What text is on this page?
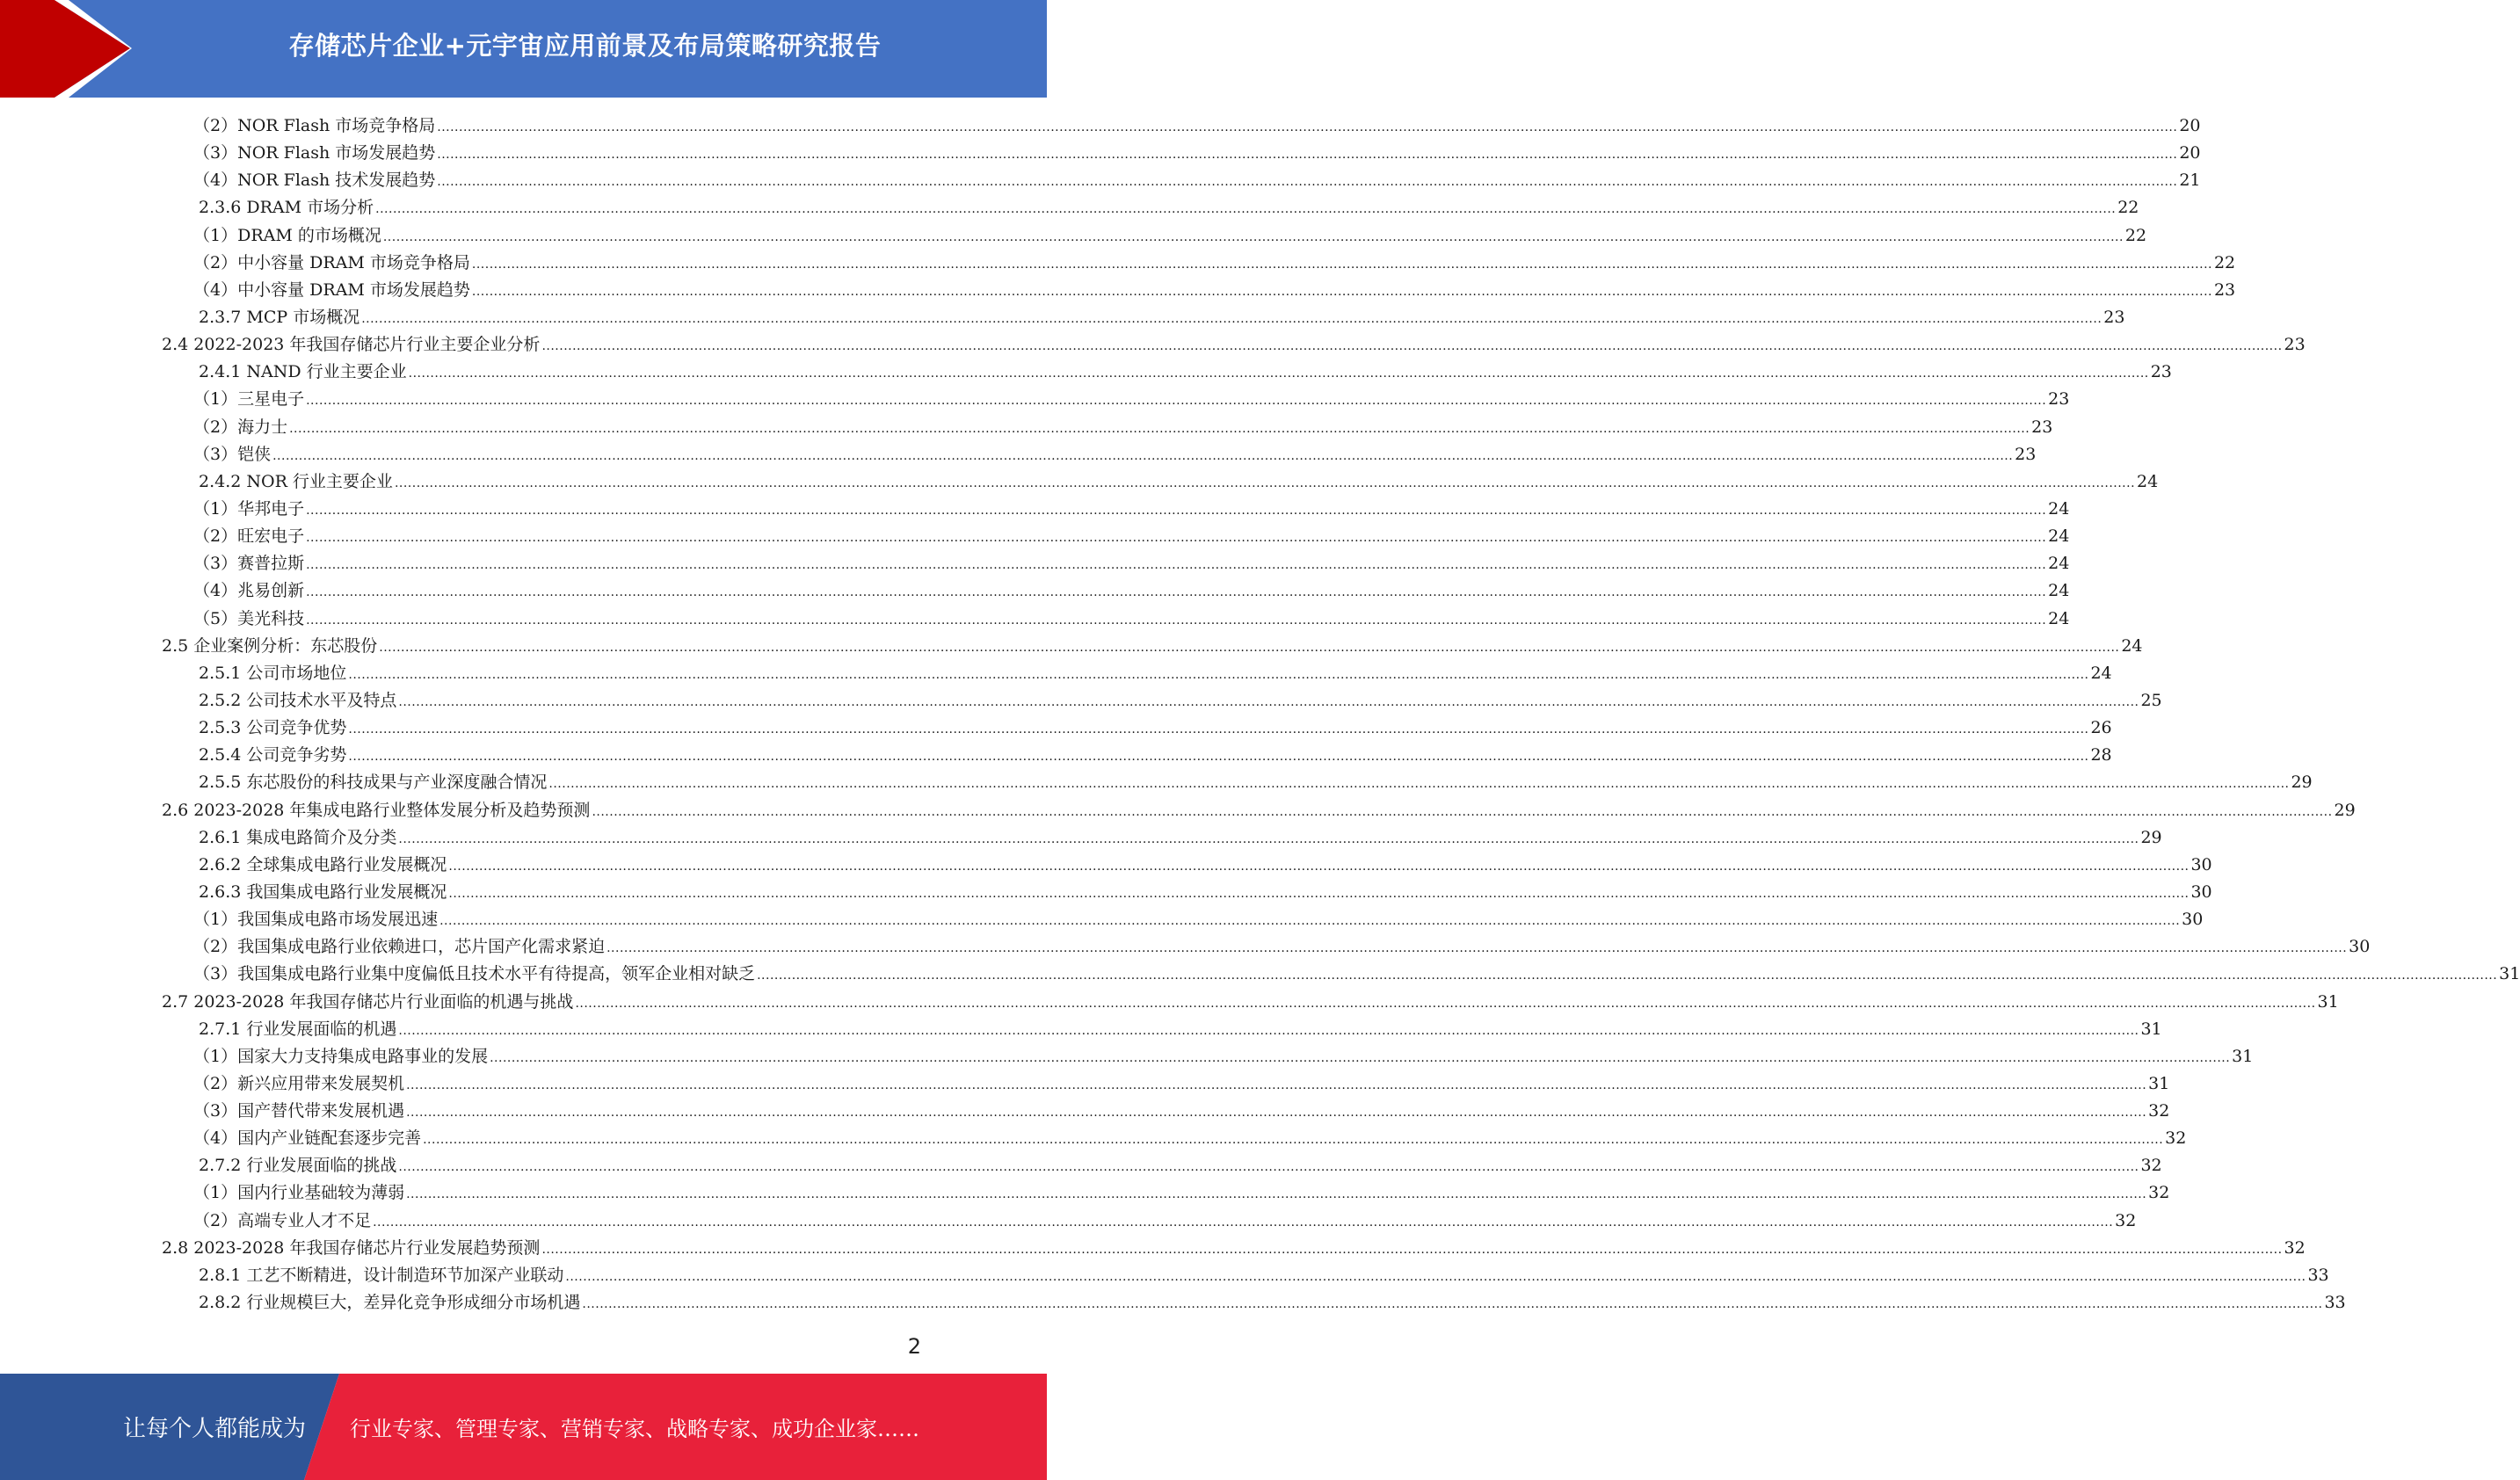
存储芯片企业+元宇宙应用前景及布局策略研究报告
（2）NOR Flash 市场竞争格局 ................................................................................................................................................................................................................................................................................................................................................................................................................ 20
（3）NOR Flash 市场发展趋势 ................................................................................................................................................................................................................................................................................................................................................................................................................ 20
（4）NOR Flash 技术发展趋势 ................................................................................................................................................................................................................................................................................................................................................................................................................ 21
2.3.6 DRAM 市场分析 ................................................................................................................................................................................................................................................................................................................................................................................................................ 22
（1）DRAM 的市场概况 ................................................................................................................................................................................................................................................................................................................................................................................................................ 22
（2）中小容量 DRAM 市场竞争格局 ................................................................................................................................................................................................................................................................................................................................................................................................................ 22
（4）中小容量 DRAM 市场发展趋势 ................................................................................................................................................................................................................................................................................................................................................................................................................ 23
2.3.7 MCP 市场概况 ................................................................................................................................................................................................................................................................................................................................................................................................................ 23
2.4 2022-2023 年我国存储芯片行业主要企业分析 ................................................................................................................................................................................................................................................................................................................................................................................................................ 23
2.4.1 NAND 行业主要企业 ................................................................................................................................................................................................................................................................................................................................................................................................................ 23
（1）三星电子 ................................................................................................................................................................................................................................................................................................................................................................................................................ 23
（2）海力士 ................................................................................................................................................................................................................................................................................................................................................................................................................ 23
（3）铠侠 ................................................................................................................................................................................................................................................................................................................................................................................................................ 23
2.4.2 NOR 行业主要企业 ................................................................................................................................................................................................................................................................................................................................................................................................................ 24
（1）华邦电子 ................................................................................................................................................................................................................................................................................................................................................................................................................ 24
（2）旺宏电子 ................................................................................................................................................................................................................................................................................................................................................................................................................ 24
（3）赛普拉斯 ................................................................................................................................................................................................................................................................................................................................................................................................................ 24
（4）兆易创新 ................................................................................................................................................................................................................................................................................................................................................................................................................ 24
（5）美光科技 ................................................................................................................................................................................................................................................................................................................................................................................................................ 24
2.5 企业案例分析：东芯股份 ................................................................................................................................................................................................................................................................................................................................................................................................................ 24
2.5.1 公司市场地位 ................................................................................................................................................................................................................................................................................................................................................................................................................ 24
2.5.2 公司技术水平及特点 ................................................................................................................................................................................................................................................................................................................................................................................................................ 25
2.5.3 公司竞争优势 ................................................................................................................................................................................................................................................................................................................................................................................................................ 26
2.5.4 公司竞争劣势 ................................................................................................................................................................................................................................................................................................................................................................................................................ 28
2.5.5 东芯股份的科技成果与产业深度融合情况 ................................................................................................................................................................................................................................................................................................................................................................................................................ 29
2.6 2023-2028 年集成电路行业整体发展分析及趋势预测 ................................................................................................................................................................................................................................................................................................................................................................................................................ 29
2.6.1 集成电路简介及分类 ................................................................................................................................................................................................................................................................................................................................................................................................................ 29
2.6.2 全球集成电路行业发展概况 ................................................................................................................................................................................................................................................................................................................................................................................................................ 30
2.6.3 我国集成电路行业发展概况 ................................................................................................................................................................................................................................................................................................................................................................................................................ 30
（1）我国集成电路市场发展迅速 ................................................................................................................................................................................................................................................................................................................................................................................................................ 30
（2）我国集成电路行业依赖进口，芯片国产化需求紧迫 ................................................................................................................................................................................................................................................................................................................................................................................................................ 30
（3）我国集成电路行业集中度偏低且技术水平有待提高，领军企业相对缺乏 ................................................................................................................................................................................................................................................................................................................................................................................................................ 31
2.7 2023-2028 年我国存储芯片行业面临的机遇与挑战 ................................................................................................................................................................................................................................................................................................................................................................................................................ 31
2.7.1 行业发展面临的机遇 ................................................................................................................................................................................................................................................................................................................................................................................................................ 31
（1）国家大力支持集成电路事业的发展 ................................................................................................................................................................................................................................................................................................................................................................................................................ 31
（2）新兴应用带来发展契机 ................................................................................................................................................................................................................................................................................................................................................................................................................ 31
（3）国产替代带来发展机遇 ................................................................................................................................................................................................................................................................................................................................................................................................................ 32
（4）国内产业链配套逐步完善 ................................................................................................................................................................................................................................................................................................................................................................................................................ 32
2.7.2 行业发展面临的挑战 ................................................................................................................................................................................................................................................................................................................................................................................................................ 32
（1）国内行业基础较为薄弱 ................................................................................................................................................................................................................................................................................................................................................................................................................ 32
（2）高端专业人才不足 ................................................................................................................................................................................................................................................................................................................................................................................................................ 32
2.8 2023-2028 年我国存储芯片行业发展趋势预测 ................................................................................................................................................................................................................................................................................................................................................................................................................ 32
2.8.1 工艺不断精进，设计制造环节加深产业联动 ................................................................................................................................................................................................................................................................................................................................................................................................................ 33
2.8.2 行业规模巨大，差异化竞争形成细分市场机遇 ................................................................................................................................................................................................................................................................................................................................................................................................................ 33
2
让每个人都能成为 行业专家、管理专家、营销专家、战略专家、成功企业家……
